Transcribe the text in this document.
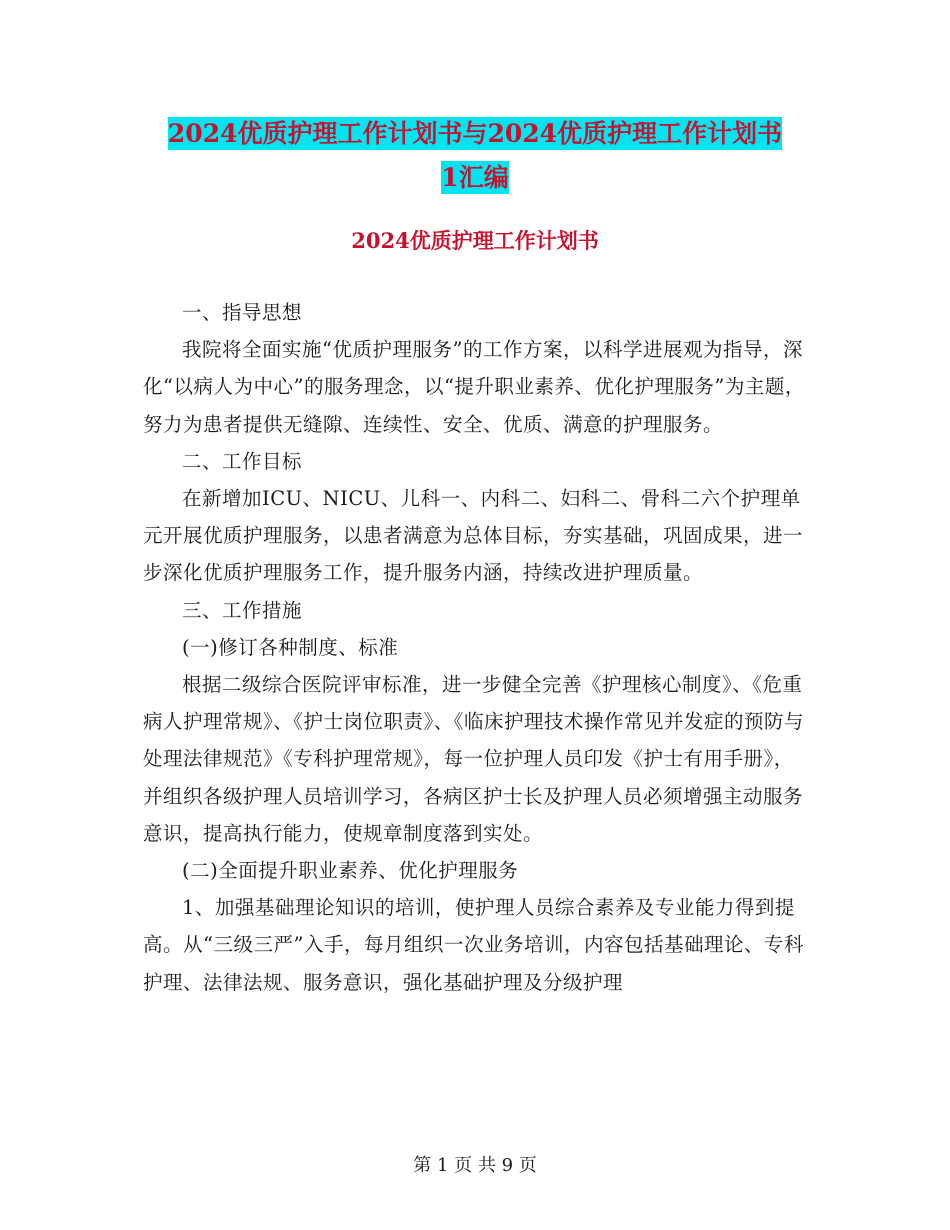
2024优质护理工作计划书与2024优质护理工作计划书
1汇编
2024优质护理工作计划书

一、指导思想

我院将全面实施“优质护理服务”的工作方案，以科学进展观为指导，深化“以病人为中心”的服务理念，以“提升职业素养、优化护理服务”为主题，努力为患者提供无缝隙、连续性、安全、优质、满意的护理服务。

二、工作目标

在新增加ICU、NICU、儿科一、内科二、妇科二、骨科二六个护理单元开展优质护理服务，以患者满意为总体目标，夯实基础，巩固成果，进一步深化优质护理服务工作，提升服务内涵，持续改进护理质量。

三、工作措施

(一)修订各种制度、标准

根据二级综合医院评审标准，进一步健全完善《护理核心制度》、《危重病人护理常规》、《护士岗位职责》、《临床护理技术操作常见并发症的预防与处理法律规范》《专科护理常规》，每一位护理人员印发《护士有用手册》，并组织各级护理人员培训学习，各病区护士长及护理人员必须增强主动服务意识，提高执行能力，使规章制度落到实处。

(二)全面提升职业素养、优化护理服务

1、加强基础理论知识的培训，使护理人员综合素养及专业能力得到提高。从“三级三严”入手，每月组织一次业务培训，内容包括基础理论、专科护理、法律法规、服务意识，强化基础护理及分级护理

第 1 页 共 9 页
